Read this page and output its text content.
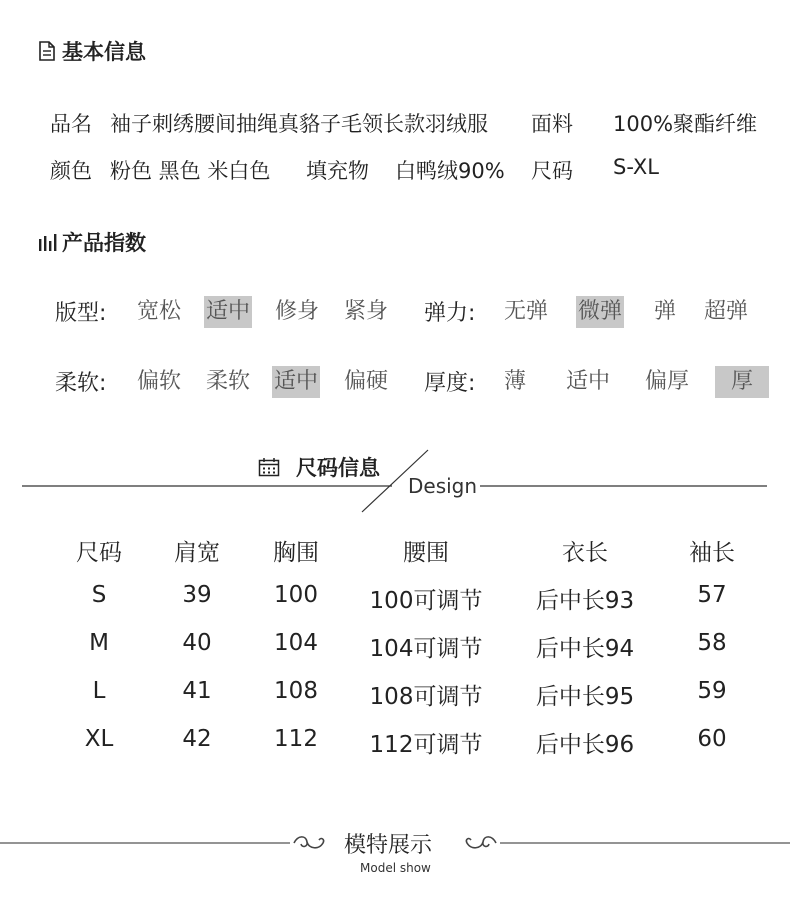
基本信息
品名 袖子刺绣腰间抽绳真貉子毛领长款羽绒服 面料 100%聚酯纤维
颜色 粉色 黑色 米白色 填充物 白鸭绒90% 尺码 S-XL
产品指数
版型: 宽松 适中 修身 紧身 弹力: 无弹 微弹 弹 超弹
柔软: 偏软 柔软 适中 偏硬 厚度: 薄 适中 偏厚	厚
尺码信息
Design
尺码	肩宽	胸围	腰围	衣长	袖长
S	39	100	100可调节	后中长93	57
M	40	104	104可调节	后中长94	58
L	41	108	108可调节	后中长95	59
XL	42	112	112可调节	后中长96	60
模特展示
Model show
